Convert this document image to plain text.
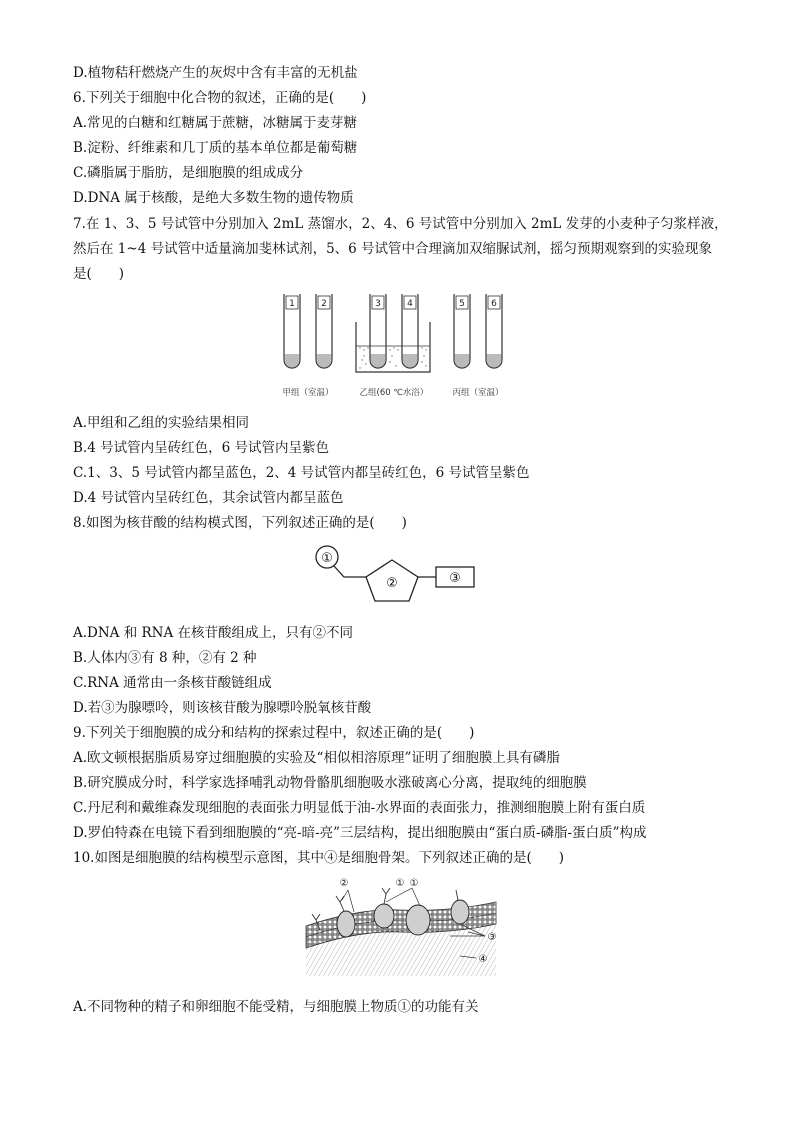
D.植物秸秆燃烧产生的灰烬中含有丰富的无机盐
6.下列关于细胞中化合物的叙述，正确的是(　　)
A.常见的白糖和红糖属于蔗糖，冰糖属于麦芽糖
B.淀粉、纤维素和几丁质的基本单位都是葡萄糖
C.磷脂属于脂肪，是细胞膜的组成成分
D.DNA 属于核酸，是绝大多数生物的遗传物质
7.在 1、3、5 号试管中分别加入 2mL 蒸馏水，2、4、6 号试管中分别加入 2mL 发芽的小麦种子匀浆样液，
然后在 1~4 号试管中适量滴加斐林试剂，5、6 号试管中合理滴加双缩脲试剂，摇匀预期观察到的实验现象
是(　　)
1	2	3	4	5	6
甲组（室温）	乙组(60 ℃水浴）	丙组（室温）
A.甲组和乙组的实验结果相同
B.4 号试管内呈砖红色，6 号试管内呈紫色
C.1、3、5 号试管内都呈蓝色，2、4 号试管内都呈砖红色，6 号试管呈紫色
D.4 号试管内呈砖红色，其余试管内都呈蓝色
8.如图为核苷酸的结构模式图，下列叙述正确的是(　　)
①
②	③
A.DNA 和 RNA 在核苷酸组成上，只有②不同
B.人体内③有 8 种，②有 2 种
C.RNA 通常由一条核苷酸链组成
D.若③为腺嘌呤，则该核苷酸为腺嘌呤脱氧核苷酸
9.下列关于细胞膜的成分和结构的探索过程中，叙述正确的是(　　)
A.欧文顿根据脂质易穿过细胞膜的实验及“相似相溶原理”证明了细胞膜上具有磷脂
B.研究膜成分时，科学家选择哺乳动物骨骼肌细胞吸水涨破离心分离，提取纯的细胞膜
C.丹尼利和戴维森发现细胞的表面张力明显低于油-水界面的表面张力，推测细胞膜上附有蛋白质
D.罗伯特森在电镜下看到细胞膜的“亮-暗-亮”三层结构，提出细胞膜由“蛋白质-磷脂-蛋白质”构成
10.如图是细胞膜的结构模型示意图，其中④是细胞骨架。下列叙述正确的是(　　)
②	① ①
③
④
A.不同物种的精子和卵细胞不能受精，与细胞膜上物质①的功能有关
